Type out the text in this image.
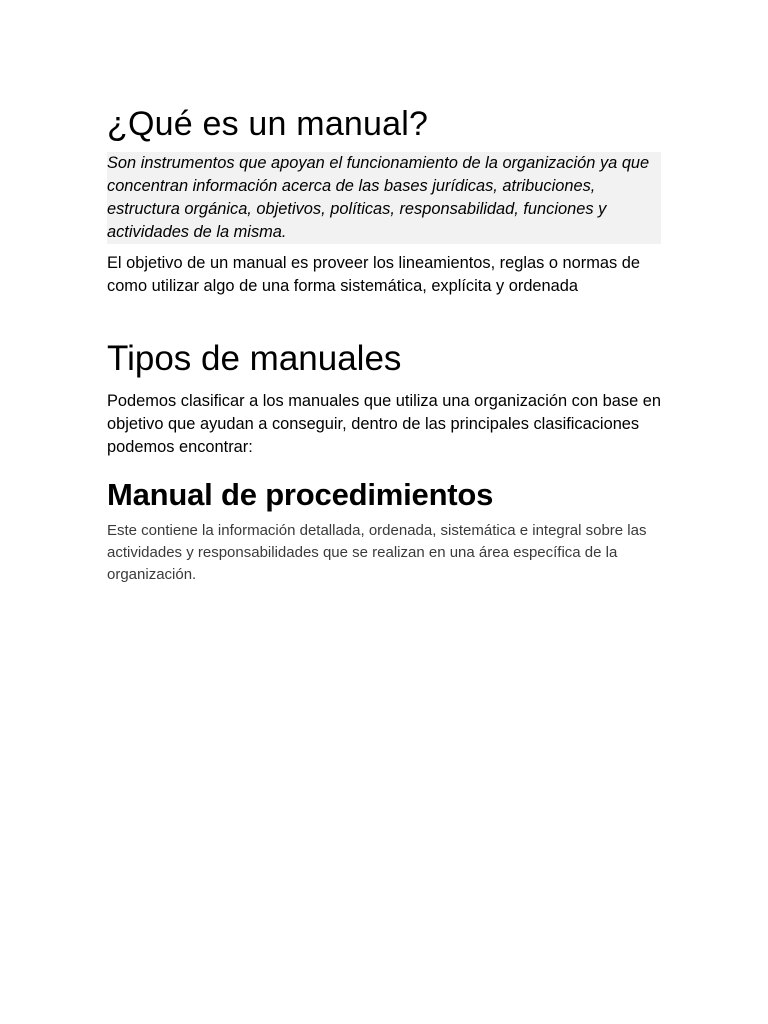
¿Qué es un manual?

Son instrumentos que apoyan el funcionamiento de la organización ya que concentran información acerca de las bases jurídicas, atribuciones, estructura orgánica, objetivos, políticas, responsabilidad, funciones y actividades de la misma.

El objetivo de un manual es proveer los lineamientos, reglas o normas de como utilizar algo de una forma sistemática, explícita y ordenada

Tipos de manuales

Podemos clasificar a los manuales que utiliza una organización con base en objetivo que ayudan a conseguir, dentro de las principales clasificaciones podemos encontrar:

Manual de procedimientos

Este contiene la información detallada, ordenada, sistemática e integral sobre las actividades y responsabilidades que se realizan en una área específica de la organización.
